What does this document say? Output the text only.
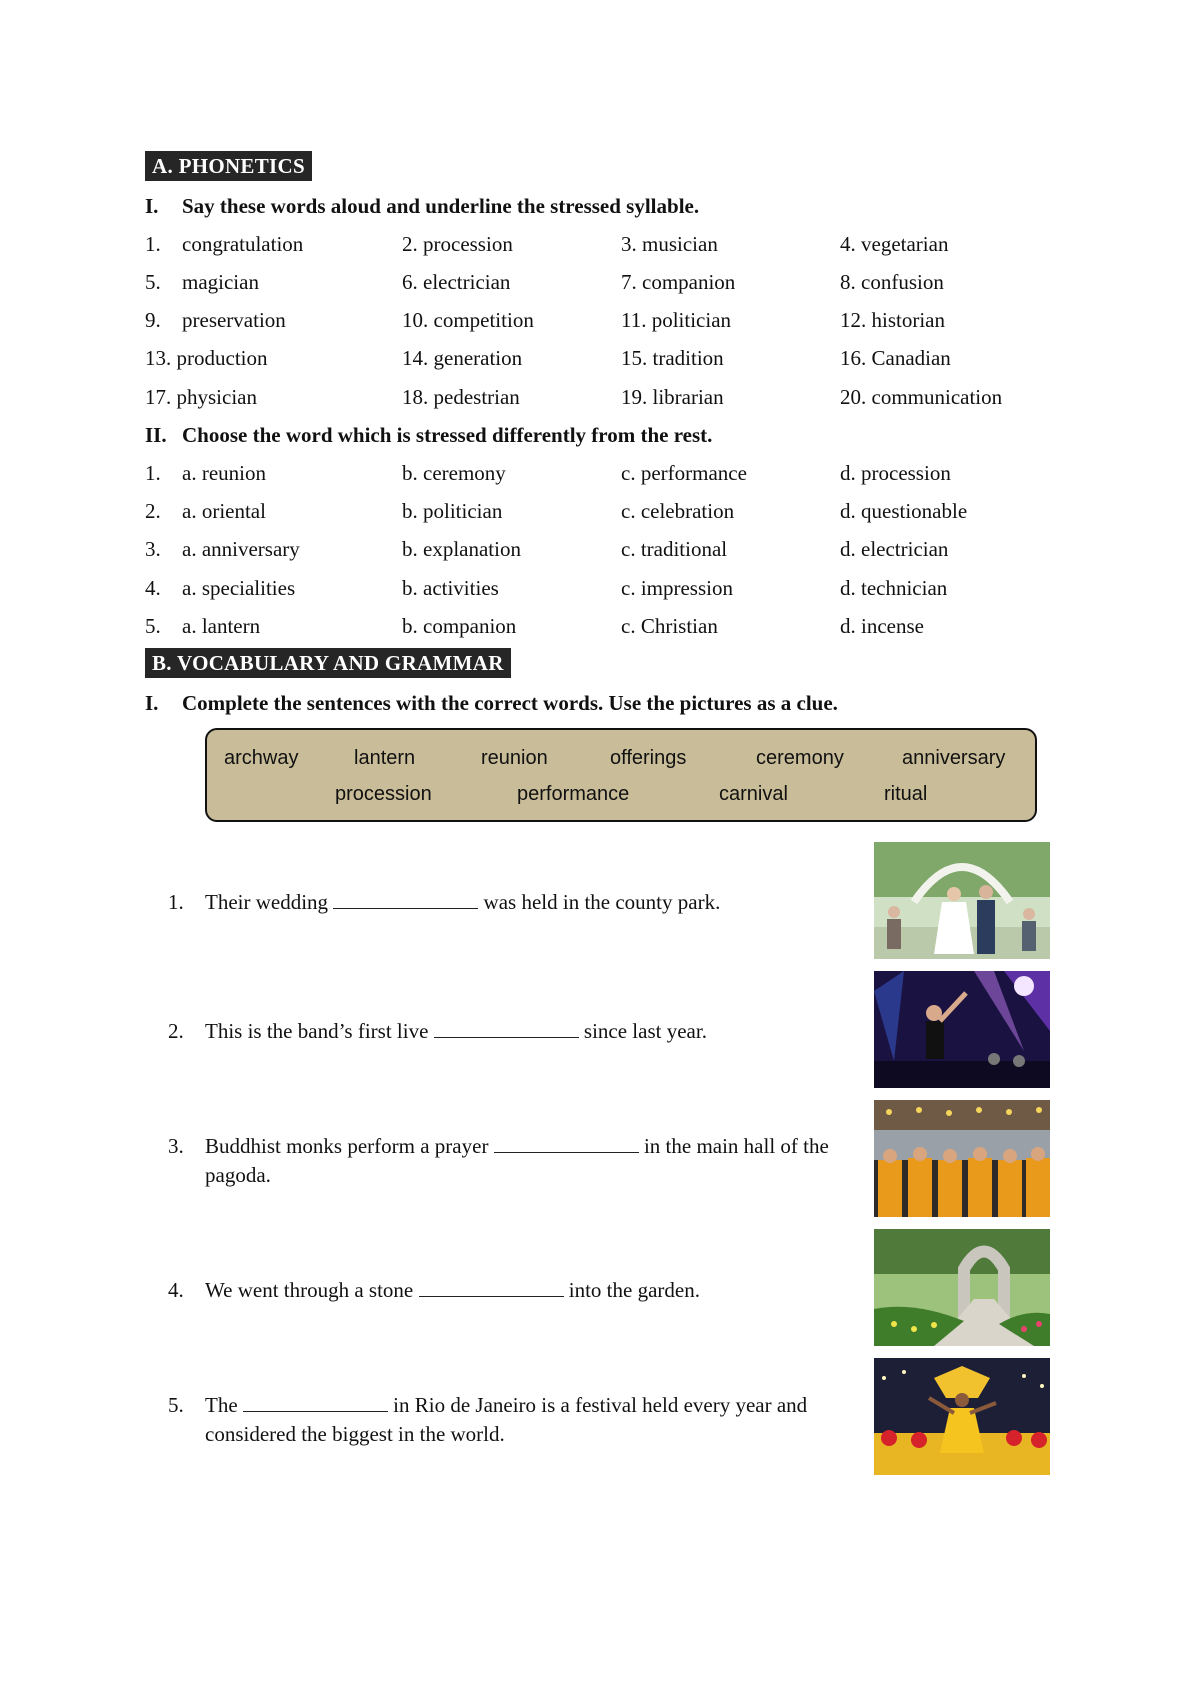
A. PHONETICS
I. Say these words aloud and underline the stressed syllable.
1. congratulation	2. procession	3. musician	4. vegetarian
5. magician	6. electrician	7. companion	8. confusion
9. preservation	10. competition	11. politician	12. historian
13. production	14. generation	15. tradition	16. Canadian
17. physician	18. pedestrian	19. librarian	20. communication
II. Choose the word which is stressed differently from the rest.
1. a. reunion	b. ceremony	c. performance	d. procession
2. a. oriental	b. politician	c. celebration	d. questionable
3. a. anniversary	b. explanation	c. traditional	d. electrician
4. a. specialities	b. activities	c. impression	d. technician
5. a. lantern	b. companion	c. Christian	d. incense
B. VOCABULARY AND GRAMMAR
I. Complete the sentences with the correct words. Use the pictures as a clue.
archway	lantern	reunion	offerings	ceremony	anniversary
procession	performance	carnival	ritual
1. Their wedding	was held in the county park.
2. This is the band’s first live	since last year.
3. Buddhist monks perform a prayer	in the main hall of the pagoda.
4. We went through a stone	into the garden.
5. The	in Rio de Janeiro is a festival held every year and considered the biggest in the world.
